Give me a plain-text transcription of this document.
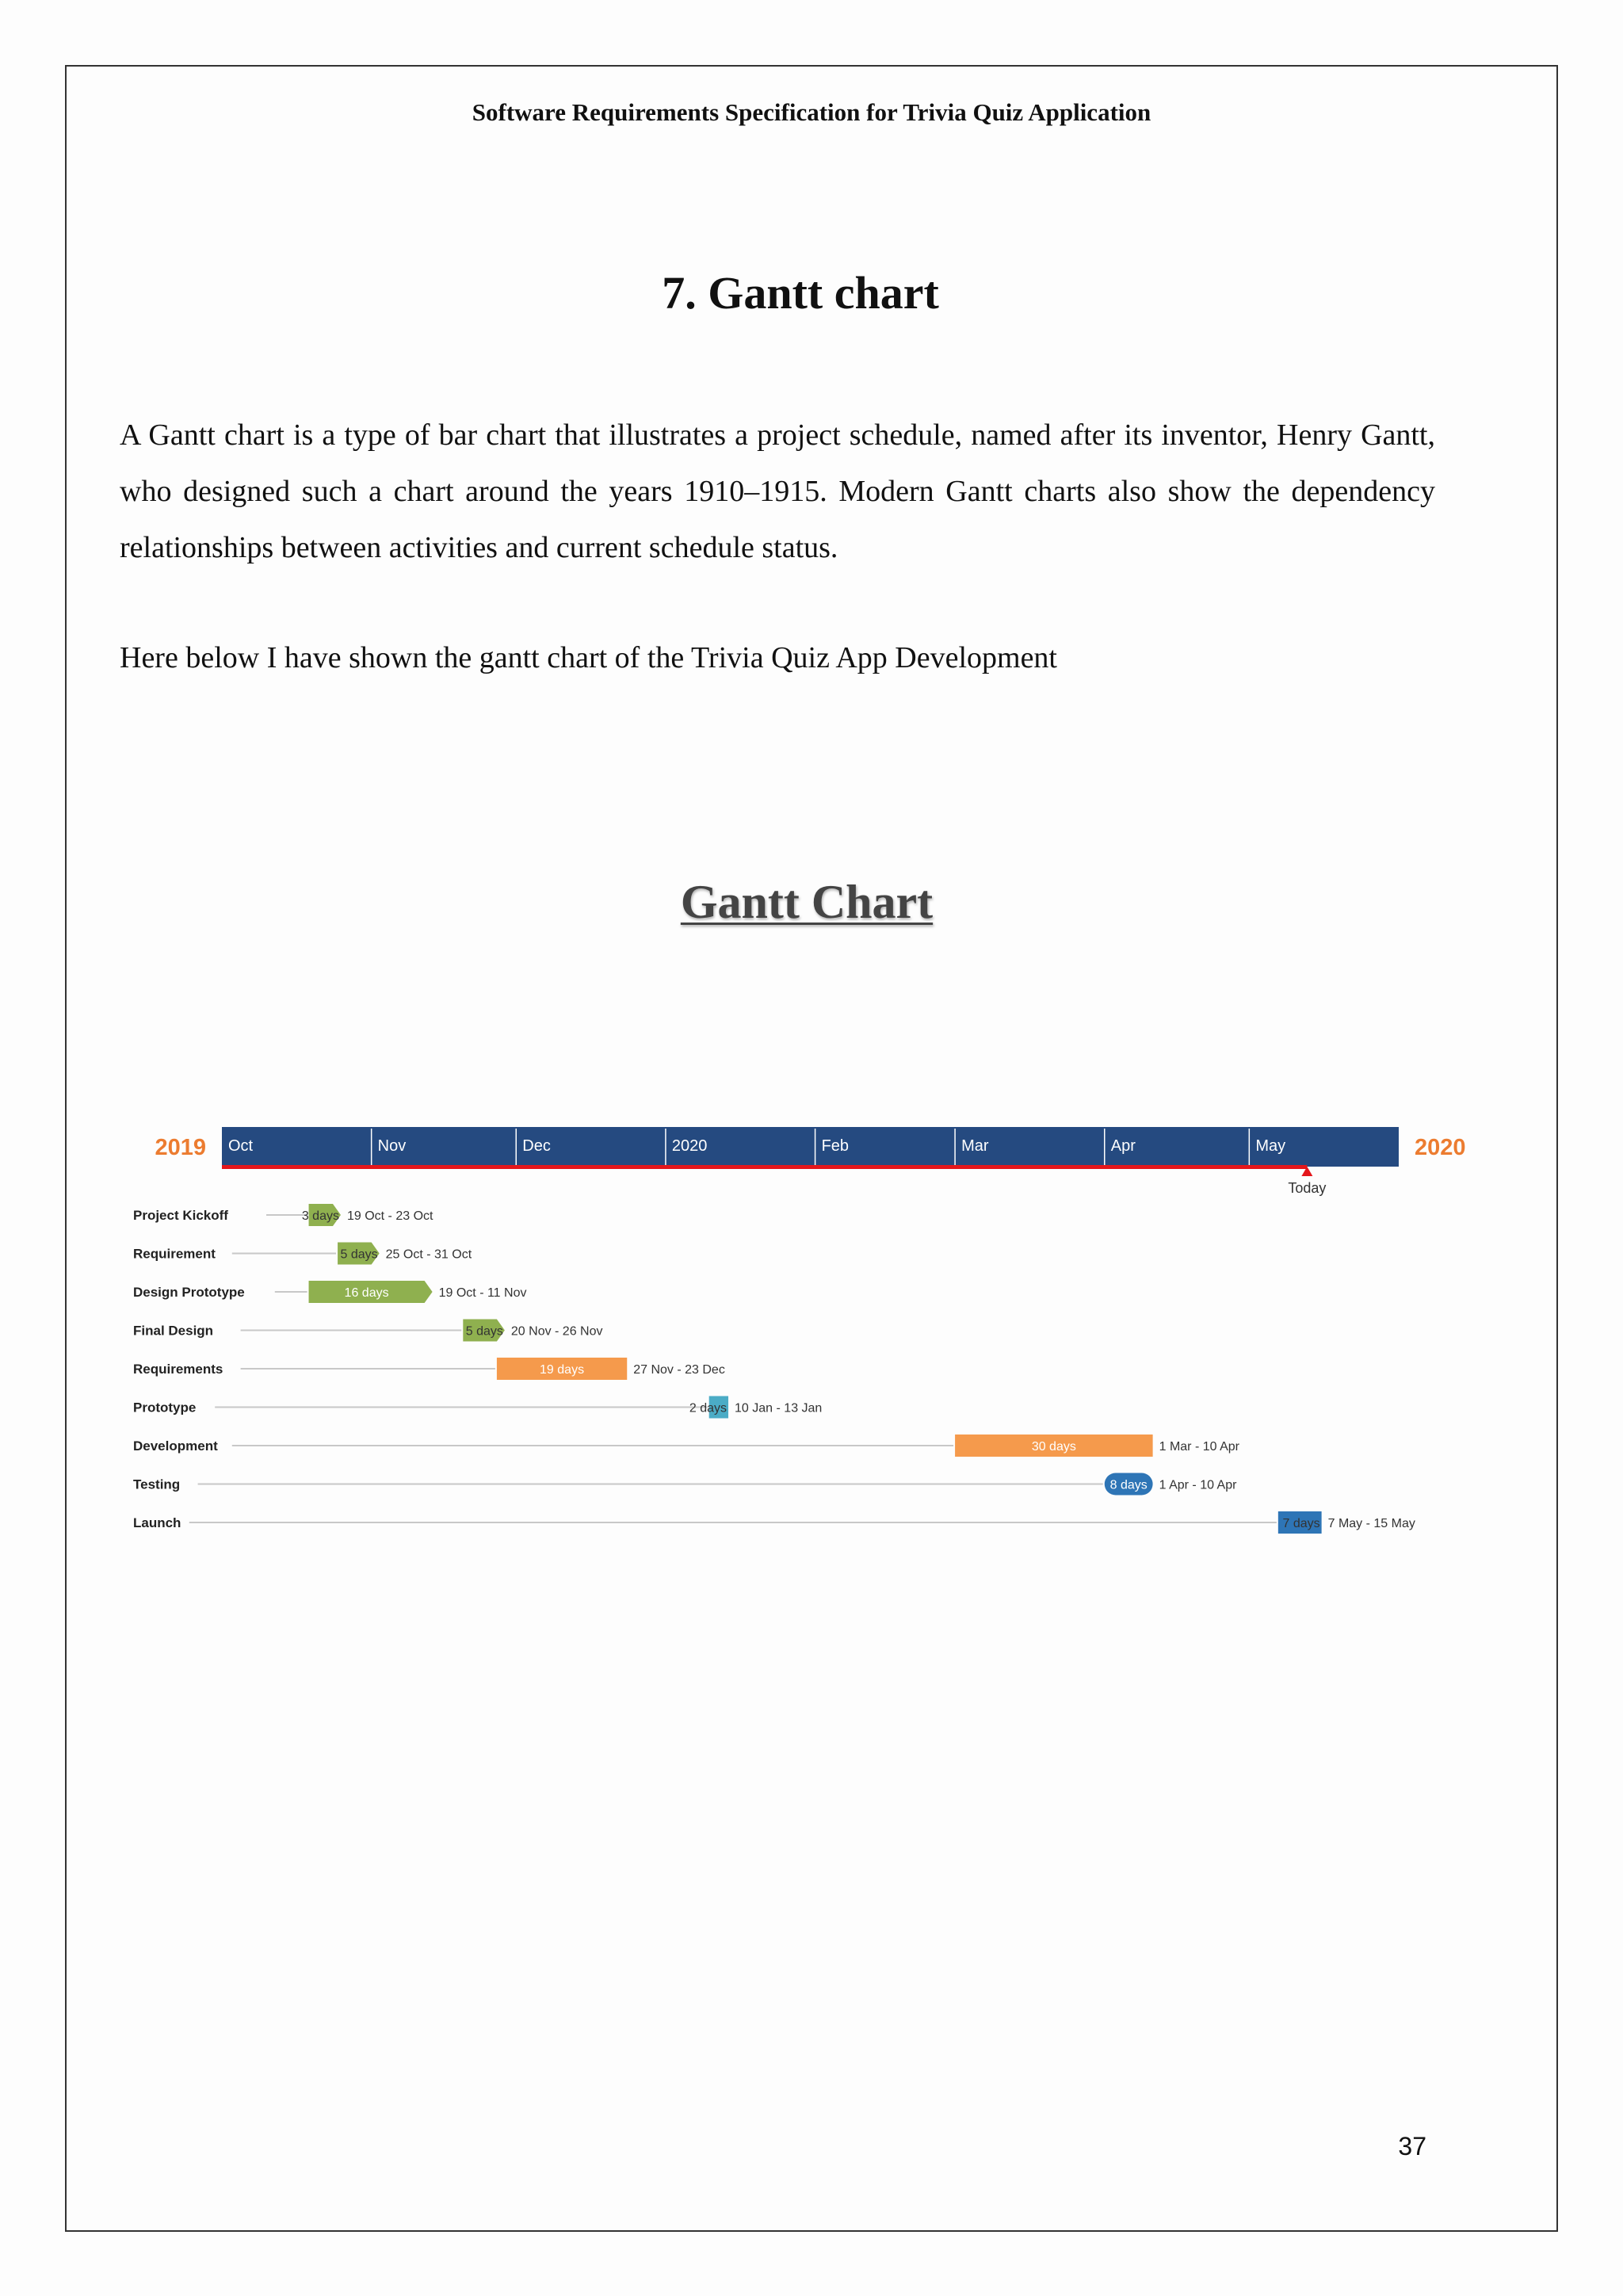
Software Requirements Specification for Trivia Quiz Application
7. Gantt chart
A Gantt chart is a type of bar chart that illustrates a project schedule, named after its inventor, Henry Gantt, who designed such a chart around the years 1910–1915. Modern Gantt charts also show the dependency relationships between activities and current schedule status.
Here below I have shown the gantt chart of the Trivia Quiz App Development
Gantt Chart
2019	2020
Oct	Nov	Dec	2020	Feb	Mar	Apr	May
Today
Project Kickoff	3 days 19 Oct - 23 Oct
Requirement	5 days 25 Oct - 31 Oct
Design Prototype	16 days	19 Oct - 11 Nov
Final Design	5 days 20 Nov - 26 Nov
Requirements	19 days	27 Nov - 23 Dec
Prototype	2 days 10 Jan - 13 Jan
Development	30 days	1 Mar - 10 Apr
Testing	8 days 1 Apr - 10 Apr
Launch	7 days 7 May - 15 May
37
